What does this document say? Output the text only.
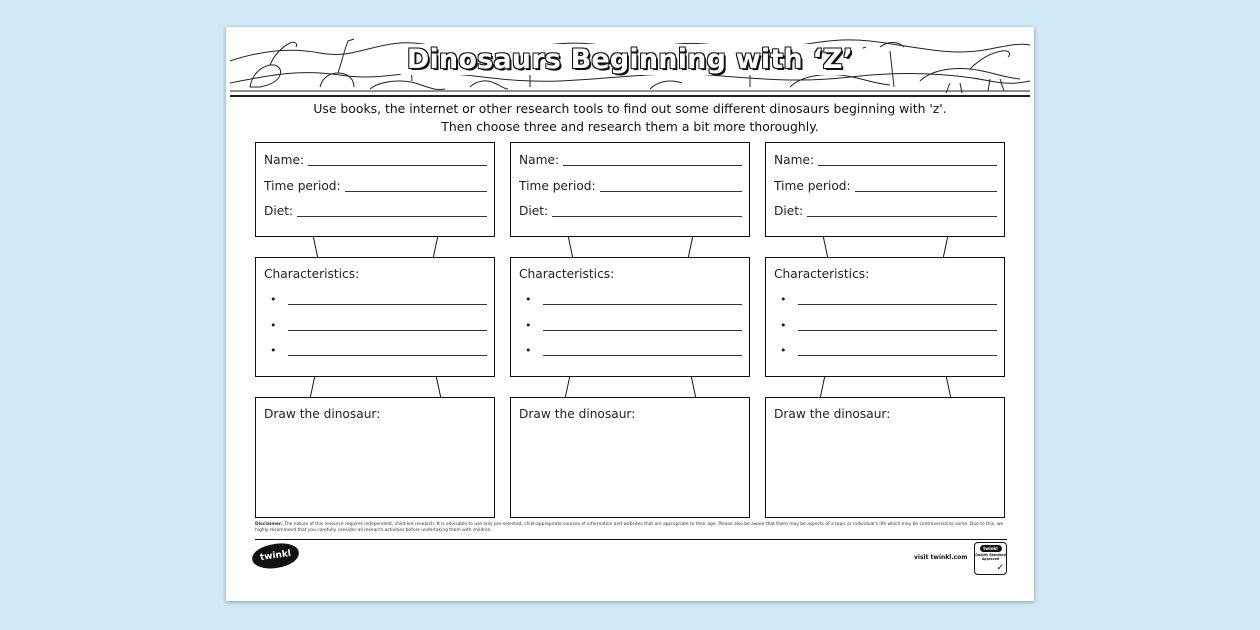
Dinosaurs Beginning with ‘Z’
Use books, the internet or other research tools to find out some different dinosaurs beginning with 'z'.
Then choose three and research them a bit more thoroughly.
Name:
Time period:
Diet:
Characteristics:
•
•
•
Draw the dinosaur:
Name:
Time period:
Diet:
Characteristics:
•
•
•
Draw the dinosaur:
Name:
Time period:
Diet:
Characteristics:
•
•
•
Draw the dinosaur:
Disclaimer: The nature of this resource requires independent, child-led research. It is advisable to use only pre-selected, child-appropriate sources of information and websites that are appropriate to their age. Please also be aware that there may be aspects of a topic or individual's life which may be controversial to some. Due to this, we highly recommend that you carefully consider all research activities before undertaking them with children.
twinkl	visit twinkl.com
twinkl
Quality Standard
Approved
✓
